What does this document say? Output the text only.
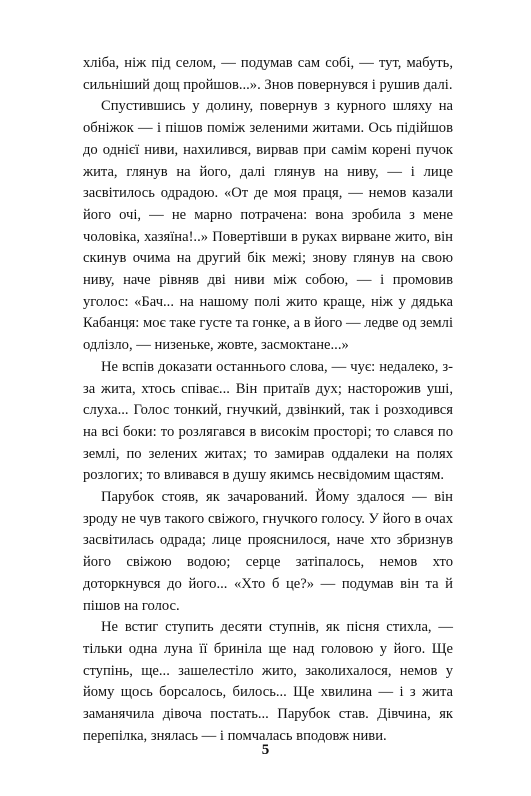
хліба, ніж під селом, — подумав сам собі, — тут, мабуть, сильніший дощ пройшов...». Знов повернувся і рушив далі.

Спустившись у долину, повернув з курного шляху на обніжок — і пішов поміж зеленими житами. Ось підійшов до однієї ниви, нахилився, вирвав при самім корені пучок жита, глянув на його, далі глянув на ниву, — і лице засвітилось одрадою. «От де моя праця, — немов казали його очі, — не марно потрачена: вона зробила з мене чоловіка, хазяїна!..» Повертівши в руках вирване жито, він скинув очима на другий бік межі; знову глянув на свою ниву, наче рівняв дві ниви між собою, — і промовив уголос: «Бач... на нашому полі жито краще, ніж у дядька Кабанця: моє таке густе та гонке, а в його — ледве од землі одлізло, — низеньке, жовте, засмоктане...»

Не вспів доказати останнього слова, — чує: недалеко, з-за жита, хтось співає... Він притаїв дух; насторожив уші, слуха... Голос тонкий, гнучкий, дзвінкий, так і розходився на всі боки: то розлягався в високім просторі; то слався по землі, по зелених житах; то замирав оддалеки на полях розлогих; то вливався в душу якимсь несвідомим щастям.

Парубок стояв, як зачарований. Йому здалося — він зроду не чув такого свіжого, гнучкого голосу. У його в очах засвітилась одрада; лице прояснилося, наче хто збризнув його свіжою водою; серце затіпалось, немов хто доторкнувся до його... «Хто б це?» — подумав він та й пішов на голос.

Не встиг ступить десяти ступнів, як пісня стихла, — тільки одна луна її бриніла ще над головою у його. Ще ступінь, ще... зашелестіло жито, заколихалося, немов у йому щось борсалось, билось... Ще хвилина — і з жита заманячила дівоча постать... Парубок став. Дівчина, як перепілка, знялась — і помчалась вподовж ниви.

5
